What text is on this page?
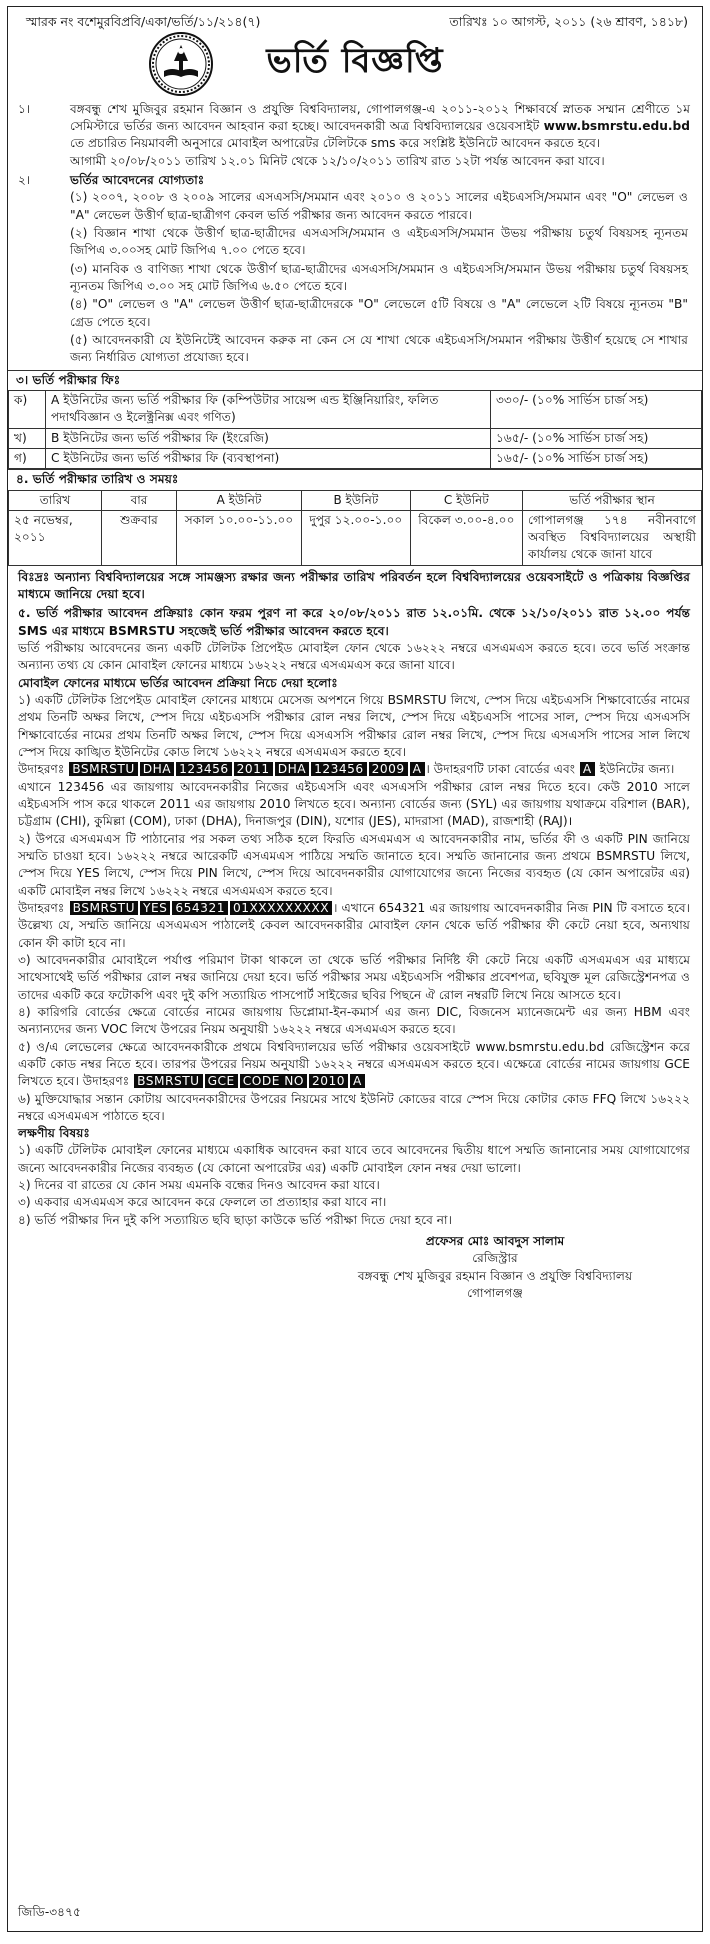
স্মারক নং বশেমুরবিপ্রবি/একা/ভর্তি/১১/২১৪(৭)	তারিখঃ ১০ আগস্ট, ২০১১ (২৬ শ্রাবণ, ১৪১৮)
ভর্তি বিজ্ঞপ্তি
১।	বঙ্গবন্ধু শেখ মুজিবুর রহমান বিজ্ঞান ও প্রযুক্তি বিশ্ববিদ্যালয়, গোপালগঞ্জ-এ ২০১১-২০১২ শিক্ষাবর্ষে স্নাতক সম্মান শ্রেণীতে ১ম সেমিস্টারে ভর্তির জন্য আবেদন আহবান করা হচ্ছে। আবেদনকারী অত্র বিশ্ববিদ্যালয়ের ওয়েবসাইট www.bsmrstu.edu.bd তে প্রচারিত নিয়মাবলী অনুসারে মোবাইল অপারেটর টেলিটকে sms করে সংশ্লিষ্ট ইউনিটে আবেদন করতে হবে।

আগামী ২০/০৮/২০১১ তারিখ ১২.০১ মিনিট থেকে ১২/১০/২০১১ তারিখ রাত ১২টা পর্যন্ত আবেদন করা যাবে।

২।	ভর্তির আবেদনের যোগ্যতাঃ

(১) ২০০৭, ২০০৮ ও ২০০৯ সালের এসএসসি/সমমান এবং ২০১০ ও ২০১১ সালের এইচএসসি/সমমান এবং "O" লেভেল ও "A" লেভেল উত্তীর্ণ ছাত্র-ছাত্রীগণ কেবল ভর্তি পরীক্ষার জন্য আবেদন করতে পারবে।

(২) বিজ্ঞান শাখা থেকে উত্তীর্ণ ছাত্র-ছাত্রীদের এসএসসি/সমমান ও এইচএসসি/সমমান উভয় পরীক্ষায় চতুর্থ বিষয়সহ ন্যূনতম জিপিএ ৩.০০সহ মোট জিপিএ ৭.০০ পেতে হবে।

(৩) মানবিক ও বাণিজ্য শাখা থেকে উত্তীর্ণ ছাত্র-ছাত্রীদের এসএসসি/সমমান ও এইচএসসি/সমমান উভয় পরীক্ষায় চতুর্থ বিষয়সহ ন্যূনতম জিপিএ ৩.০০ সহ মোট জিপিএ ৬.৫০ পেতে হবে।

(৪) "O" লেভেল ও "A" লেভেল উত্তীর্ণ ছাত্র-ছাত্রীদেরকে "O" লেভেলে ৫টি বিষয়ে ও "A" লেভেলে ২টি বিষয়ে ন্যূনতম "B" গ্রেড পেতে হবে।

(৫) আবেদনকারী যে ইউনিটেই আবেদন করুক না কেন সে যে শাখা থেকে এইচএসসি/সমমান পরীক্ষায় উত্তীর্ণ হয়েছে সে শাখার জন্য নির্ধারিত যোগ্যতা প্রযোজ্য হবে।

৩। ভর্তি পরীক্ষার ফিঃ
ক)	A ইউনিটের জন্য ভর্তি পরীক্ষার ফি (কম্পিউটার সায়েন্স এন্ড ইঞ্জিনিয়ারিং, ফলিত পদার্থবিজ্ঞান ও ইলেক্ট্রনিক্স এবং গণিত)	৩৩০/- (১০% সার্ভিস চার্জ সহ)
খ)	B ইউনিটের জন্য ভর্তি পরীক্ষার ফি (ইংরেজি)	১৬৫/- (১০% সার্ভিস চার্জ সহ)
গ)	C ইউনিটের জন্য ভর্তি পরীক্ষার ফি (ব্যবস্থাপনা)	১৬৫/- (১০% সার্ভিস চার্জ সহ)
৪. ভর্তি পরীক্ষার তারিখ ও সময়ঃ
তারিখ	বার	A ইউনিট	B ইউনিট	C ইউনিট	ভর্তি পরীক্ষার স্থান
২৫ নভেম্বর, ২০১১	শুক্রবার	সকাল ১০.০০-১১.০০	দুপুর ১২.০০-১.০০	বিকেল ৩.০০-৪.০০	গোপালগঞ্জ ১৭৪ নবীনবাগে অবস্থিত বিশ্ববিদ্যালয়ের অস্থায়ী কার্যালয় থেকে জানা যাবে
বিঃদ্রঃ অন্যান্য বিশ্ববিদ্যালয়ের সঙ্গে সামঞ্জস্য রক্ষার জন্য পরীক্ষার তারিখ পরিবর্তন হলে বিশ্ববিদ্যালয়ের ওয়েবসাইটে ও পত্রিকায় বিজ্ঞপ্তির মাধ্যমে জানিয়ে দেয়া হবে।

৫. ভর্তি পরীক্ষার আবেদন প্রক্রিয়াঃ কোন ফরম পুরণ না করে ২০/০৮/২০১১ রাত ১২.০১মি. থেকে ১২/১০/২০১১ রাত ১২.০০ পর্যন্ত SMS এর মাধ্যমে BSMRSTU সহজেই ভর্তি পরীক্ষার আবেদন করতে হবে।

ভর্তি পরীক্ষায় আবেদনের জন্য একটি টেলিটক প্রিপেইড মোবাইল ফোন থেকে ১৬২২২ নম্বরে এসএমএস করতে হবে। তবে ভর্তি সংক্রান্ত অন্যান্য তথ্য যে কোন মোবাইল ফোনের মাধ্যমে ১৬২২২ নম্বরে এসএমএস করে জানা যাবে।

মোবাইল ফোনের মাধ্যমে ভর্তির আবেদন প্রক্রিয়া নিচে দেয়া হলোঃ

১) একটি টেলিটক প্রিপেইড মোবাইল ফোনের মাধ্যমে মেসেজ অপশনে গিয়ে BSMRSTU লিখে, স্পেস দিয়ে এইচএসসি শিক্ষাবোর্ডের নামের প্রথম তিনটি অক্ষর লিখে, স্পেস দিয়ে এইচএসসি পরীক্ষার রোল নম্বর লিখে, স্পেস দিয়ে এইচএসসি পাসের সাল, স্পেস দিয়ে এসএসসি শিক্ষাবোর্ডের নামের প্রথম তিনটি অক্ষর লিখে, স্পেস দিয়ে এসএসসি পরীক্ষার রোল নম্বর লিখে, স্পেস দিয়ে এসএসসি পাসের সাল লিখে স্পেস দিয়ে কাঙ্খিত ইউনিটের কোড লিখে ১৬২২২ নম্বরে এসএমএস করতে হবে।

উদাহরণঃ BSMRSTU DHA 123456 2011 DHA 123456 2009 A । উদাহরণটি ঢাকা বোর্ডের এবং A ইউনিটের জন্য।

এখানে 123456 এর জায়গায় আবেদনকারীর নিজের এইচএসসি এবং এসএসসি পরীক্ষার রোল নম্বর দিতে হবে। কেউ 2010 সালে এইচএসসি পাস করে থাকলে 2011 এর জায়গায় 2010 লিখতে হবে। অন্যান্য বোর্ডের জন্য (SYL) এর জায়গায় যথাক্রমে বরিশাল (BAR), চট্টগ্রাম (CHI), কুমিল্লা (COM), ঢাকা (DHA), দিনাজপুর (DIN), যশোর (JES), মাদরাসা (MAD), রাজশাহী (RAJ)।

২) উপরে এসএমএস টি পাঠানোর পর সকল তথ্য সঠিক হলে ফিরতি এসএমএস এ আবেদনকারীর নাম, ভর্তির ফী ও একটি PIN জানিয়ে সম্মতি চাওয়া হবে। ১৬২২২ নম্বরে আরেকটি এসএমএস পাঠিয়ে সম্মতি জানাতে হবে। সম্মতি জানানোর জন্য প্রথমে BSMRSTU লিখে, স্পেস দিয়ে YES লিখে, স্পেস দিয়ে PIN লিখে, স্পেস দিয়ে আবেদনকারীর যোগাযোগের জন্যে নিজের ব্যবহৃত (যে কোন অপারেটর এর) একটি মোবাইল নম্বর লিখে ১৬২২২ নম্বরে এসএমএস করতে হবে।

উদাহরণঃ BSMRSTU YES 654321 01XXXXXXXXX । এখানে 654321 এর জায়গায় আবেদনকারীর নিজ PIN টি বসাতে হবে। উল্লেখ্য যে, সম্মতি জানিয়ে এসএমএস পাঠালেই কেবল আবেদনকারীর মোবাইল ফোন থেকে ভর্তি পরীক্ষার ফী কেটে নেয়া হবে, অন্যথায় কোন ফী কাটা হবে না।

৩) আবেদনকারীর মোবাইলে পর্যাপ্ত পরিমাণ টাকা থাকলে তা থেকে ভর্তি পরীক্ষার নির্দিষ্ট ফী কেটে নিয়ে একটি এসএমএস এর মাধ্যমে সাথেসাথেই ভর্তি পরীক্ষার রোল নম্বর জানিয়ে দেয়া হবে। ভর্তি পরীক্ষার সময় এইচএসসি পরীক্ষার প্রবেশপত্র, ছবিযুক্ত মূল রেজিস্ট্রেশনপত্র ও তাদের একটি করে ফটোকপি এবং দুই কপি সত্যায়িত পাসপোর্ট সাইজের ছবির পিছনে ঐ রোল নম্বরটি লিখে নিয়ে আসতে হবে।

৪) কারিগরি বোর্ডের ক্ষেত্রে বোর্ডের নামের জায়গায় ডিপ্লোমা-ইন-কমার্স এর জন্য DIC, বিজনেস ম্যানেজমেন্ট এর জন্য HBM এবং অন্যান্যদের জন্য VOC লিখে উপরের নিয়ম অনুযায়ী ১৬২২২ নম্বরে এসএমএস করতে হবে।

৫) ও/এ লেভেলের ক্ষেত্রে আবেদনকারীকে প্রথমে বিশ্ববিদ্যালয়ের ভর্তি পরীক্ষার ওয়েবসাইটে www.bsmrstu.edu.bd রেজিস্ট্রেশন করে একটি কোড নম্বর নিতে হবে। তারপর উপরের নিয়ম অনুযায়ী ১৬২২২ নম্বরে এসএমএস করতে হবে। এক্ষেত্রে বোর্ডের নামের জায়গায় GCE লিখতে হবে। উদাহরণঃ BSMRSTU GCE CODE NO 2010 A

৬) মুক্তিযোদ্ধার সন্তান কোটায় আবেদনকারীদের উপরের নিয়মের সাথে ইউনিট কোডের বারে স্পেস দিয়ে কোটার কোড FFQ লিখে ১৬২২২ নম্বরে এসএমএস পাঠাতে হবে।

লক্ষণীয় বিষয়ঃ

১) একটি টেলিটক মোবাইল ফোনের মাধ্যমে একাধিক আবেদন করা যাবে তবে আবেদনের দ্বিতীয় ধাপে সম্মতি জানানোর সময় যোগাযোগের জন্যে আবেদনকারীর নিজের ব্যবহৃত (যে কোনো অপারেটর এর) একটি মোবাইল ফোন নম্বর দেয়া ভালো।

২) দিনের বা রাতের যে কোন সময় এমনকি বন্ধের দিনও আবেদন করা যাবে।

৩) একবার এসএমএস করে আবেদন করে ফেললে তা প্রত্যাহার করা যাবে না।

৪) ভর্তি পরীক্ষার দিন দুই কপি সত্যায়িত ছবি ছাড়া কাউকে ভর্তি পরীক্ষা দিতে দেয়া হবে না।

প্রফেসর মোঃ আবদুস সালাম
রেজিস্ট্রার
বঙ্গবন্ধু শেখ মুজিবুর রহমান বিজ্ঞান ও প্রযুক্তি বিশ্ববিদ্যালয়
গোপালগঞ্জ
জিডি-৩৪৭৫
